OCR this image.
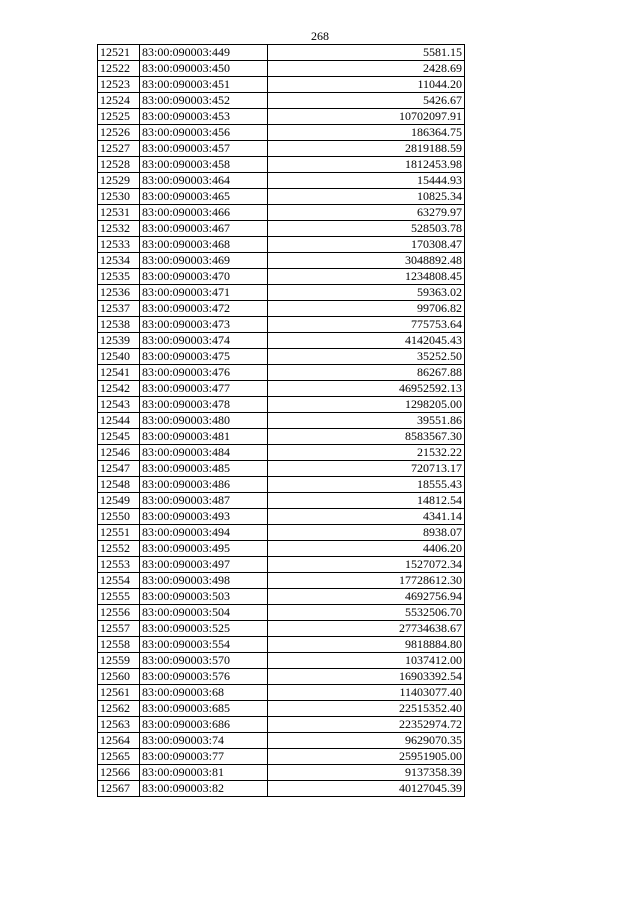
268
12521	83:00:090003:449	5581.15
12522	83:00:090003:450	2428.69
12523	83:00:090003:451	11044.20
12524	83:00:090003:452	5426.67
12525	83:00:090003:453	10702097.91
12526	83:00:090003:456	186364.75
12527	83:00:090003:457	2819188.59
12528	83:00:090003:458	1812453.98
12529	83:00:090003:464	15444.93
12530	83:00:090003:465	10825.34
12531	83:00:090003:466	63279.97
12532	83:00:090003:467	528503.78
12533	83:00:090003:468	170308.47
12534	83:00:090003:469	3048892.48
12535	83:00:090003:470	1234808.45
12536	83:00:090003:471	59363.02
12537	83:00:090003:472	99706.82
12538	83:00:090003:473	775753.64
12539	83:00:090003:474	4142045.43
12540	83:00:090003:475	35252.50
12541	83:00:090003:476	86267.88
12542	83:00:090003:477	46952592.13
12543	83:00:090003:478	1298205.00
12544	83:00:090003:480	39551.86
12545	83:00:090003:481	8583567.30
12546	83:00:090003:484	21532.22
12547	83:00:090003:485	720713.17
12548	83:00:090003:486	18555.43
12549	83:00:090003:487	14812.54
12550	83:00:090003:493	4341.14
12551	83:00:090003:494	8938.07
12552	83:00:090003:495	4406.20
12553	83:00:090003:497	1527072.34
12554	83:00:090003:498	17728612.30
12555	83:00:090003:503	4692756.94
12556	83:00:090003:504	5532506.70
12557	83:00:090003:525	27734638.67
12558	83:00:090003:554	9818884.80
12559	83:00:090003:570	1037412.00
12560	83:00:090003:576	16903392.54
12561	83:00:090003:68	11403077.40
12562	83:00:090003:685	22515352.40
12563	83:00:090003:686	22352974.72
12564	83:00:090003:74	9629070.35
12565	83:00:090003:77	25951905.00
12566	83:00:090003:81	9137358.39
12567	83:00:090003:82	40127045.39
